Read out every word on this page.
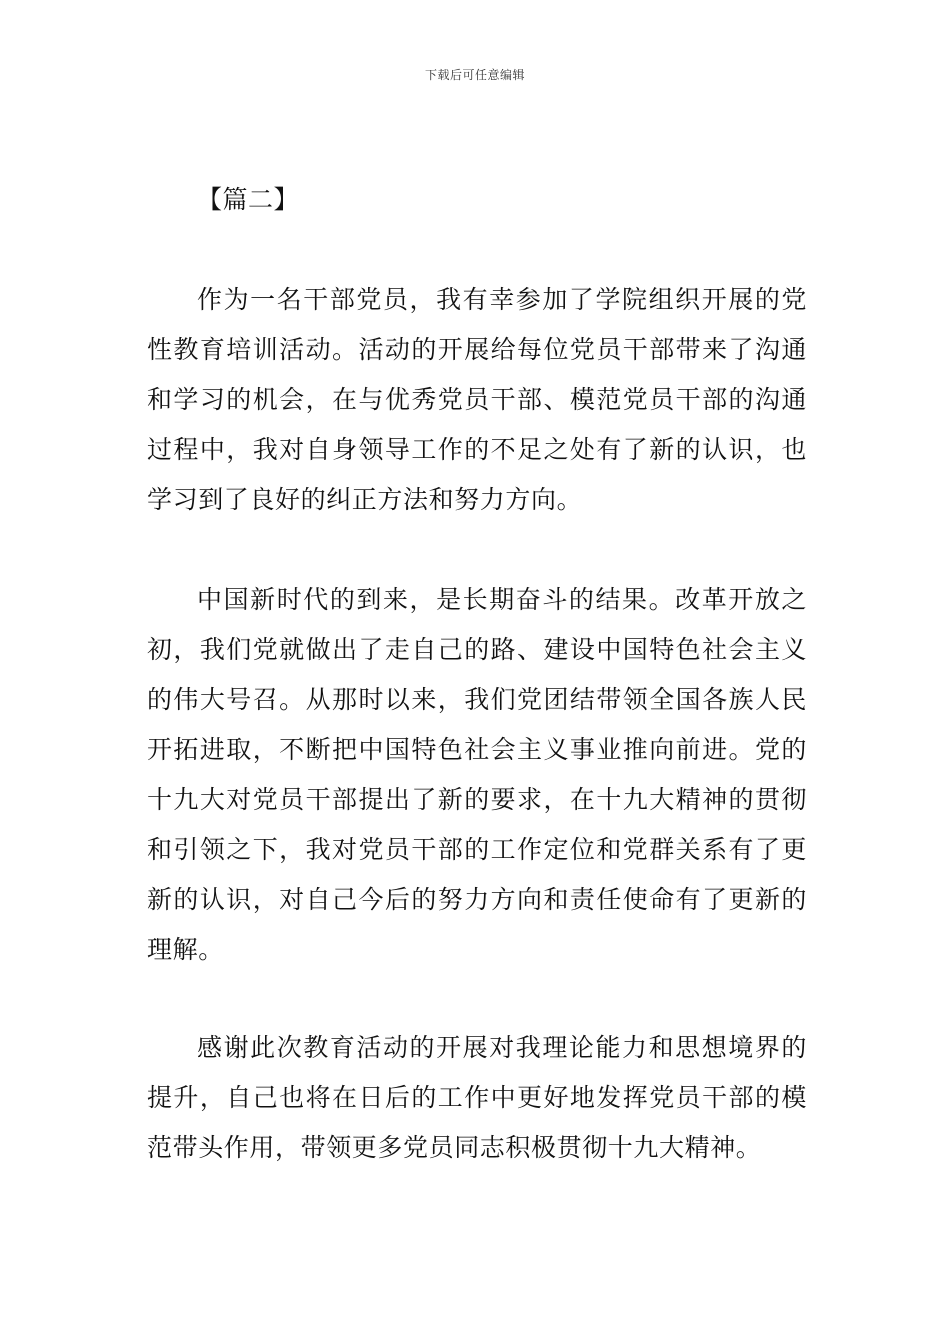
下载后可任意编辑
【篇二】

作为一名干部党员，我有幸参加了学院组织开展的党性教育培训活动。活动的开展给每位党员干部带来了沟通和学习的机会，在与优秀党员干部、模范党员干部的沟通过程中，我对自身领导工作的不足之处有了新的认识，也学习到了良好的纠正方法和努力方向。

中国新时代的到来，是长期奋斗的结果。改革开放之初，我们党就做出了走自己的路、建设中国特色社会主义的伟大号召。从那时以来，我们党团结带领全国各族人民开拓进取，不断把中国特色社会主义事业推向前进。党的十九大对党员干部提出了新的要求，在十九大精神的贯彻和引领之下，我对党员干部的工作定位和党群关系有了更新的认识，对自己今后的努力方向和责任使命有了更新的理解。

感谢此次教育活动的开展对我理论能力和思想境界的提升，自己也将在日后的工作中更好地发挥党员干部的模范带头作用，带领更多党员同志积极贯彻十九大精神。
